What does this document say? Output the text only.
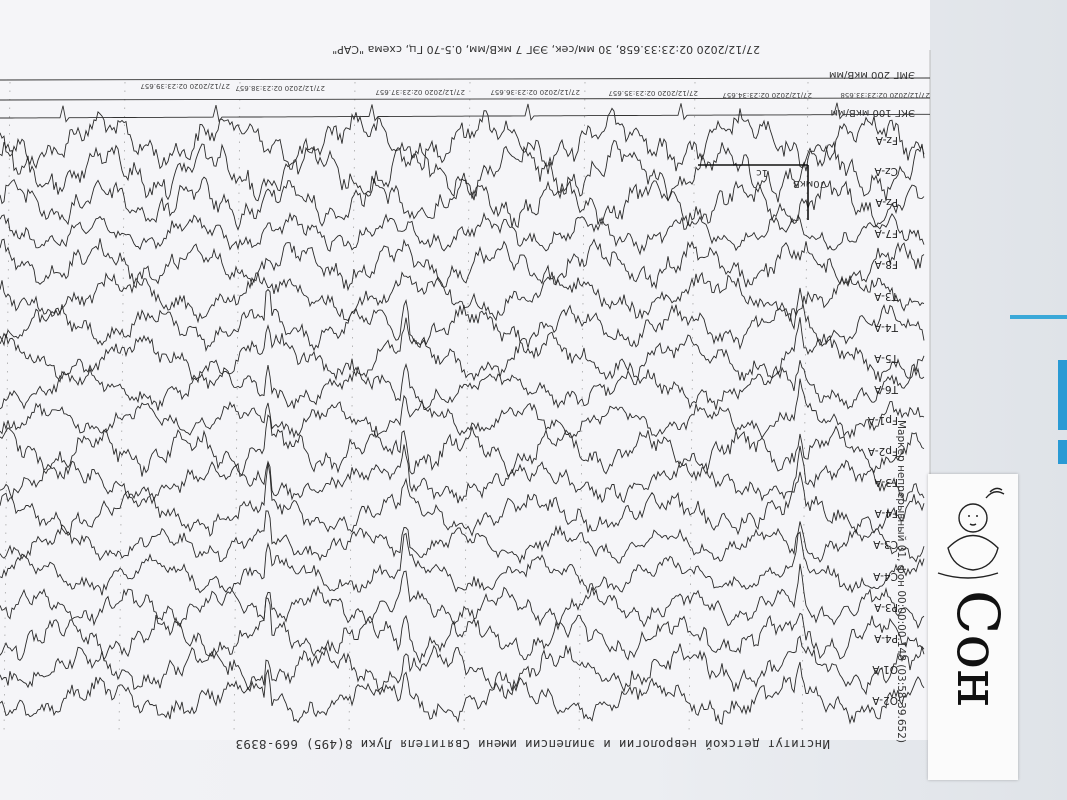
27/12/2020 02:23:33.658, 30 мм/сек, ЭЭГ 7 мкВ/мм, 0.5-70 Гц, схема "САР"
ЭМГ 200 мкВ/мм
ЭКГ 100 мкВ/мм
27/12/2020 02:23:33.658
27/12/2020 02:23:34.657
27/12/2020 02:23:35.657
27/12/2020 02:23:36.657
27/12/2020 02:23:37.657
27/12/2020 02:23:38.657
27/12/2020 02:23:39.657
Fz-A
Cz-A
Pz-A
F7-A
F8-A
T3-A
T4-A
T5-A
T6-A
Fp1-A
Fp2-A
F3-A
F4-A
C3-A
C4-A
P3-A
P4-A
O1-A
O2-A
70мкВ
1с
Маркер непрерывный 01, фон 00:00:00.148 (03:58:39.652)
Институт детской неврологии и эпилепсии имени Святителя Луки 8(495) 669-8393
Сон
